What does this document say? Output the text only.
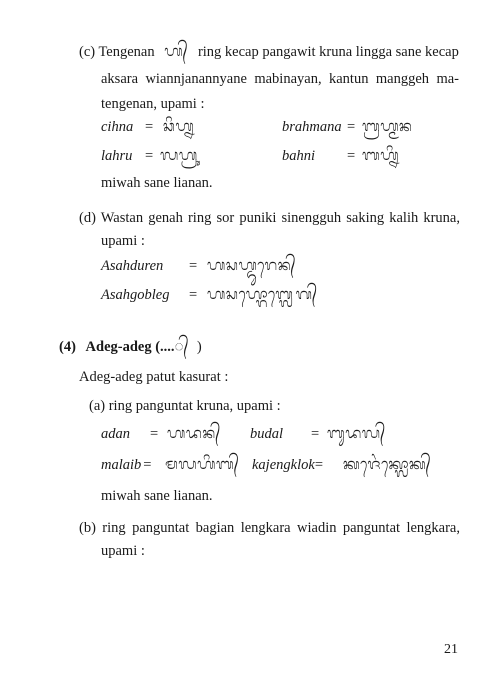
(c) Tengenan ᬳ᭄ ring kecap pangawit kruna lingga sane kecap
aksara wiannjanannyane mabinayan, kantun manggeh ma-
tengenan, upami :
cihna = ᬘᬶᬳ᭄ᬦ	brahmana = ᬩ᭄ᬭᬳ᭄ᬫᬦ
lahru = ᬮᬳ᭄ᬭᬸ	bahni = ᬩᬳ᭄ᬦᬶ
miwah sane lianan.
(d) Wastan genah ring sor puniki sinengguh saking kalih kruna,
upami :
Asahduren = ᬳᬲᬳ᭄ᬤᬸᬭᬾᬦ᭄
Asahgobleg = ᬳᬲᬳ᭄ᬕᭀᬩ᭄ᬮᬾᬕ᭄
(4) Adeg-adeg (....᭄ )
Adeg-adeg patut kasurat :
(a) ring panguntat kruna, upami :
adan = ᬳᬤᬦ᭄ budal = ᬩᬸᬤᬮ᭄
malaib = ᬫᬮᬳᬶᬩ᭄ kajengklok= ᬓᬚᬾᬂᬓ᭄ᬮᭀᬓ᭄
miwah sane lianan.
(b) ring panguntat bagian lengkara wiadin panguntat lengkara,
upami :
21
